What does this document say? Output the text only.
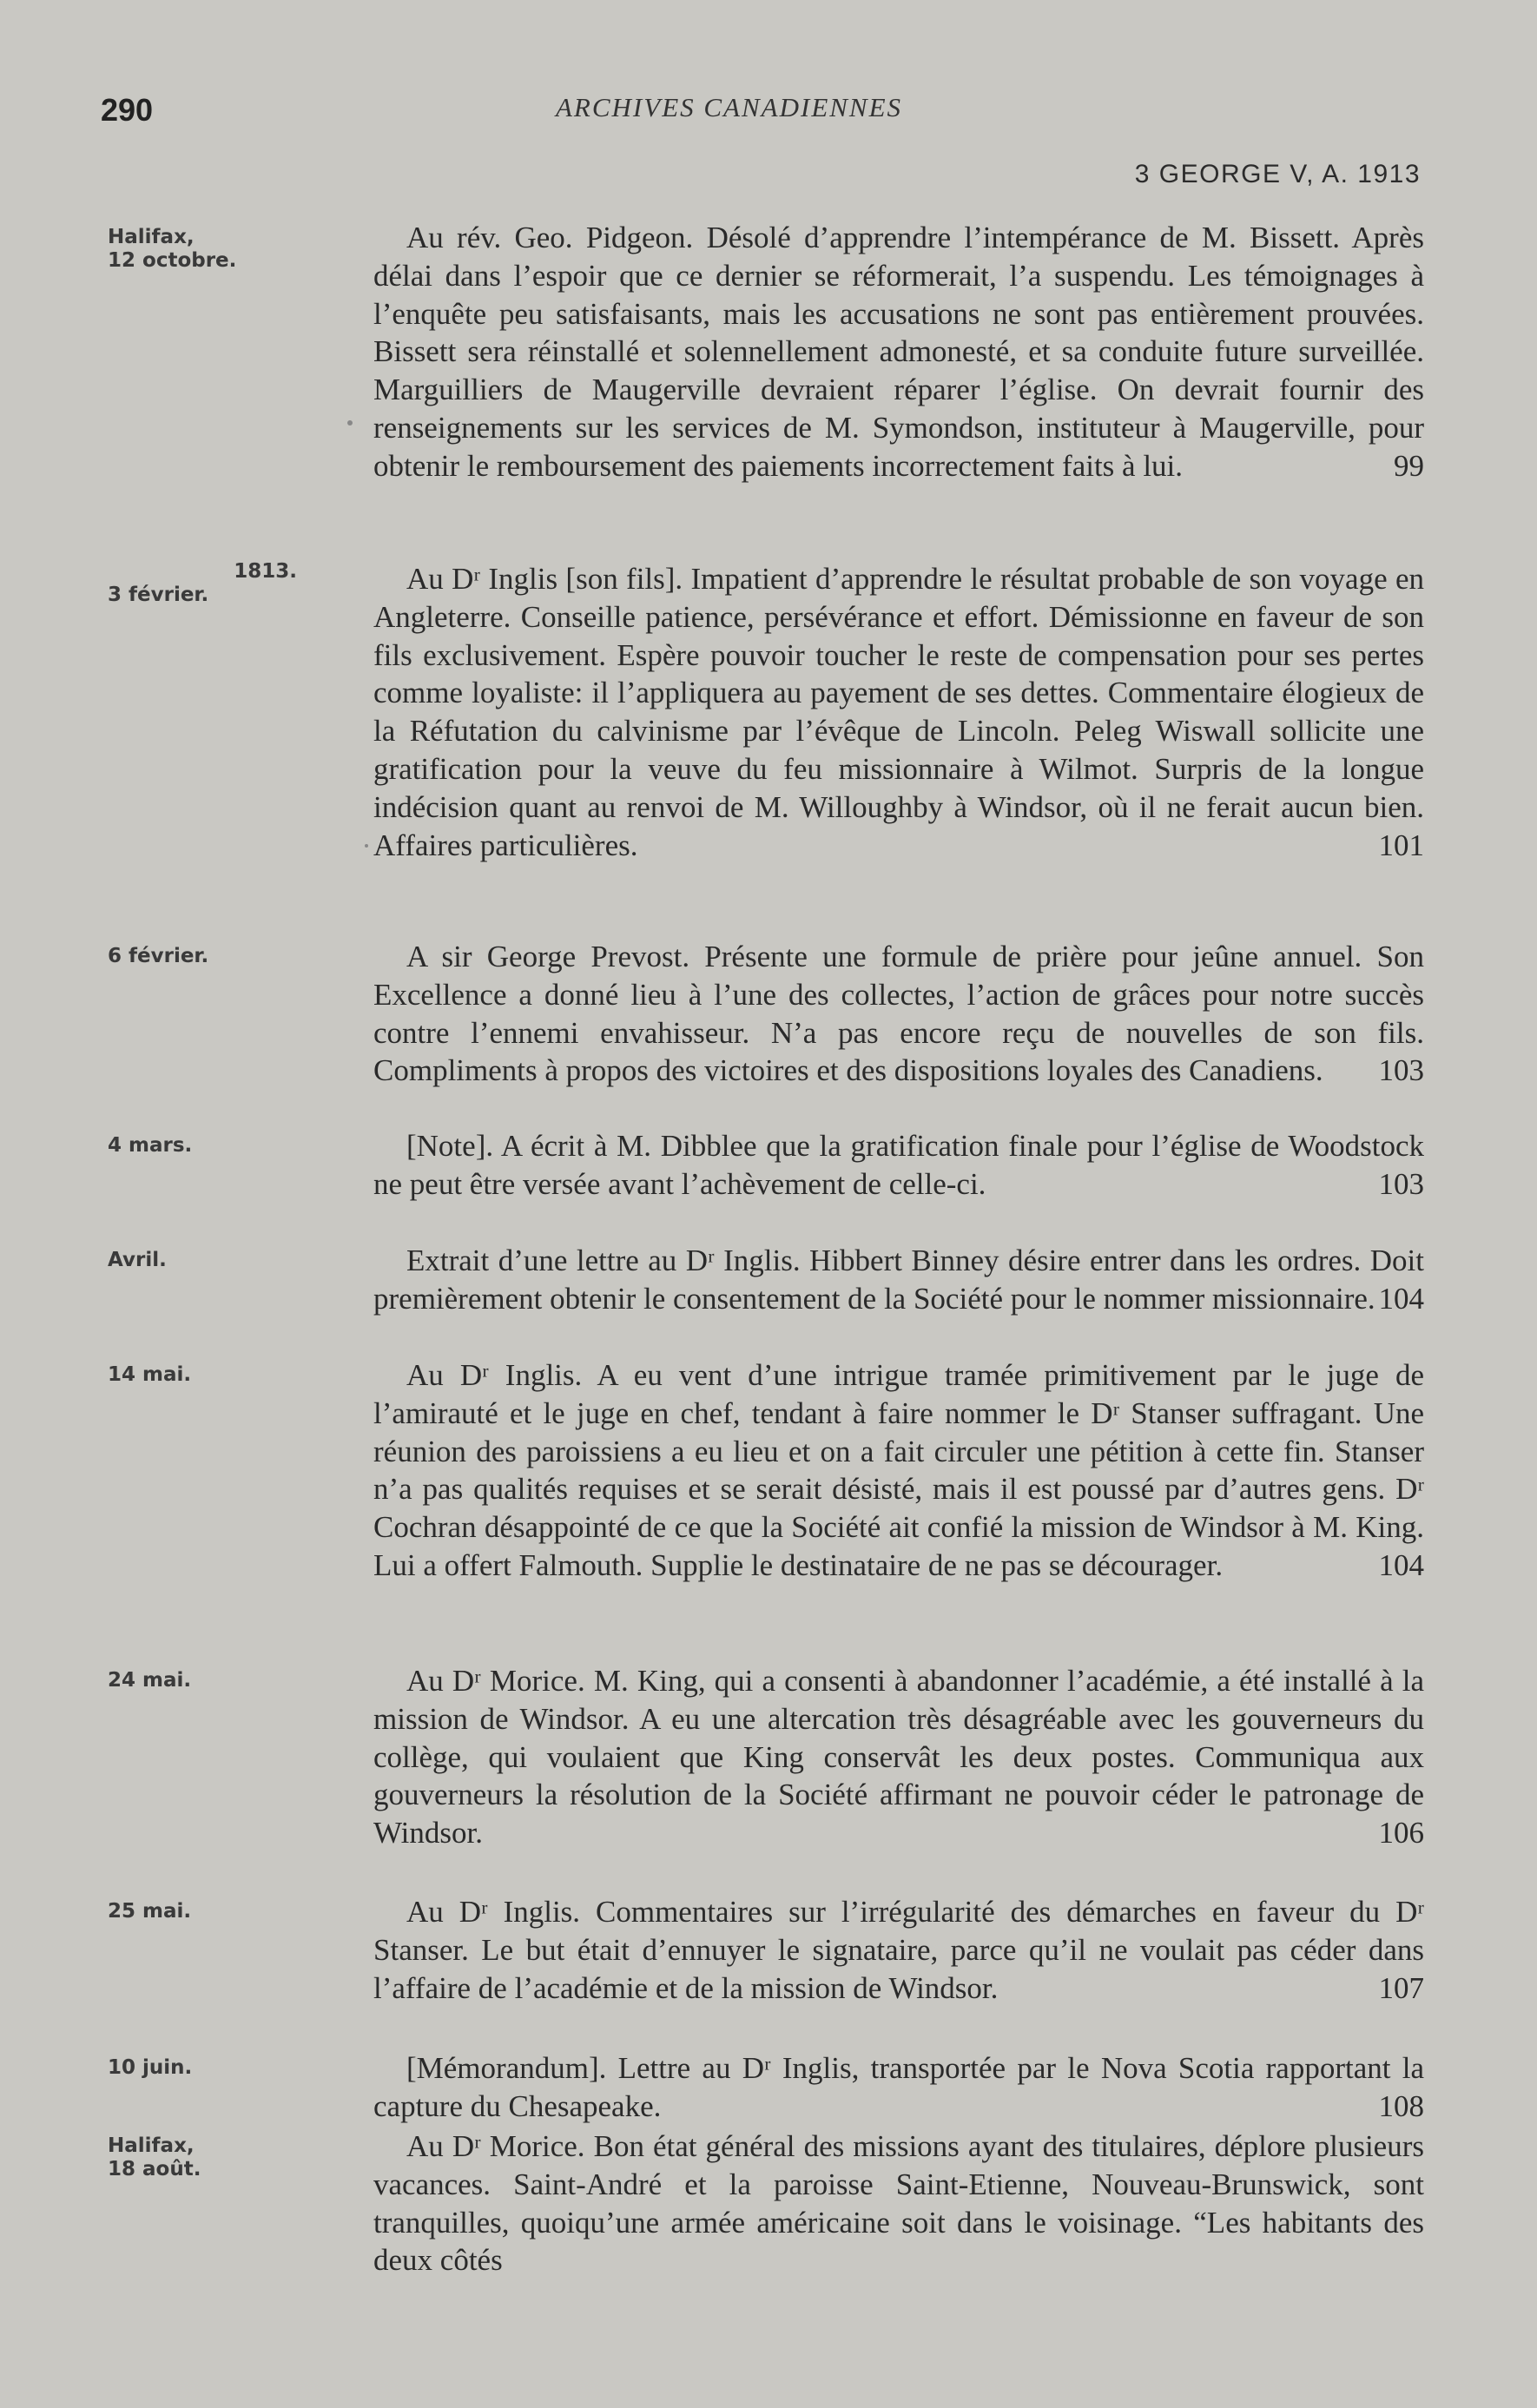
290	ARCHIVES CANADIENNES
3 GEORGE V, A. 1913
Halifax,
12 octobre.
Au rév. Geo. Pidgeon. Désolé d’apprendre l’intempérance de M. Bissett. Après délai dans l’espoir que ce dernier se réformerait, l’a suspendu. Les témoignages à l’enquête peu satisfaisants, mais les accusations ne sont pas entièrement prouvées. Bissett sera réinstallé et solennellement admonesté, et sa conduite future surveillée. Marguilliers de Maugerville devraient réparer l’église. On devrait fournir des renseignements sur les services de M. Symondson, instituteur à Maugerville, pour obtenir le remboursement des paiements incorrectement faits à lui.	99
1813.
3 février.	Au Dʳ Inglis [son fils]. Impatient d’apprendre le résultat probable de son voyage en Angleterre. Conseille patience, persévérance et effort. Démissionne en faveur de son fils exclusivement. Espère pouvoir toucher le reste de compensation pour ses pertes comme loyaliste: il l’appliquera au payement de ses dettes. Commentaire élogieux de la Réfutation du calvinisme par l’évêque de Lincoln. Peleg Wiswall sollicite une gratification pour la veuve du feu missionnaire à Wilmot. Surpris de la longue indécision quant au renvoi de M. Willoughby à Windsor, où il ne ferait aucun bien. Affaires particulières.	101
6 février.	A sir George Prevost. Présente une formule de prière pour jeûne annuel. Son Excellence a donné lieu à l’une des collectes, l’action de grâces pour notre succès contre l’ennemi envahisseur. N’a pas encore reçu de nouvelles de son fils. Compliments à propos des victoires et des dispositions loyales des Canadiens. 103
4 mars.	[Note]. A écrit à M. Dibblee que la gratification finale pour l’église de Woodstock ne peut être versée avant l’achèvement de celle-ci.	103
Avril.	Extrait d’une lettre au Dʳ Inglis. Hibbert Binney désire entrer dans les ordres. Doit premièrement obtenir le consentement de la Société pour le nommer missionnaire. 104
14 mai.	Au Dʳ Inglis. A eu vent d’une intrigue tramée primitivement par le juge de l’amirauté et le juge en chef, tendant à faire nommer le Dʳ Stanser suffragant. Une réunion des paroissiens a eu lieu et on a fait circuler une pétition à cette fin. Stanser n’a pas qualités requises et se serait désisté, mais il est poussé par d’autres gens. Dʳ Cochran désappointé de ce que la Société ait confié la mission de Windsor à M. King. Lui a offert Falmouth. Supplie le destinataire de ne pas se décourager.	104
24 mai.	Au Dʳ Morice. M. King, qui a consenti à abandonner l’académie, a été installé à la mission de Windsor. A eu une altercation très désagréable avec les gouverneurs du collège, qui voulaient que King conservât les deux postes. Communiqua aux gouverneurs la résolution de la Société affirmant ne pouvoir céder le patronage de Windsor.	106
25 mai.	Au Dʳ Inglis. Commentaires sur l’irrégularité des démarches en faveur du Dʳ Stanser. Le but était d’ennuyer le signataire, parce qu’il ne voulait pas céder dans l’affaire de l’académie et de la mission de Windsor.	107
10 juin.	[Mémorandum]. Lettre au Dʳ Inglis, transportée par le Nova Scotia rapportant la capture du Chesapeake.	108
Halifax,
18 août.
Au Dʳ Morice. Bon état général des missions ayant des titulaires, déplore plusieurs vacances. Saint-André et la paroisse Saint-Etienne, Nouveau-Brunswick, sont tranquilles, quoiqu’une armée américaine soit dans le voisinage. “Les habitants des deux côtés
